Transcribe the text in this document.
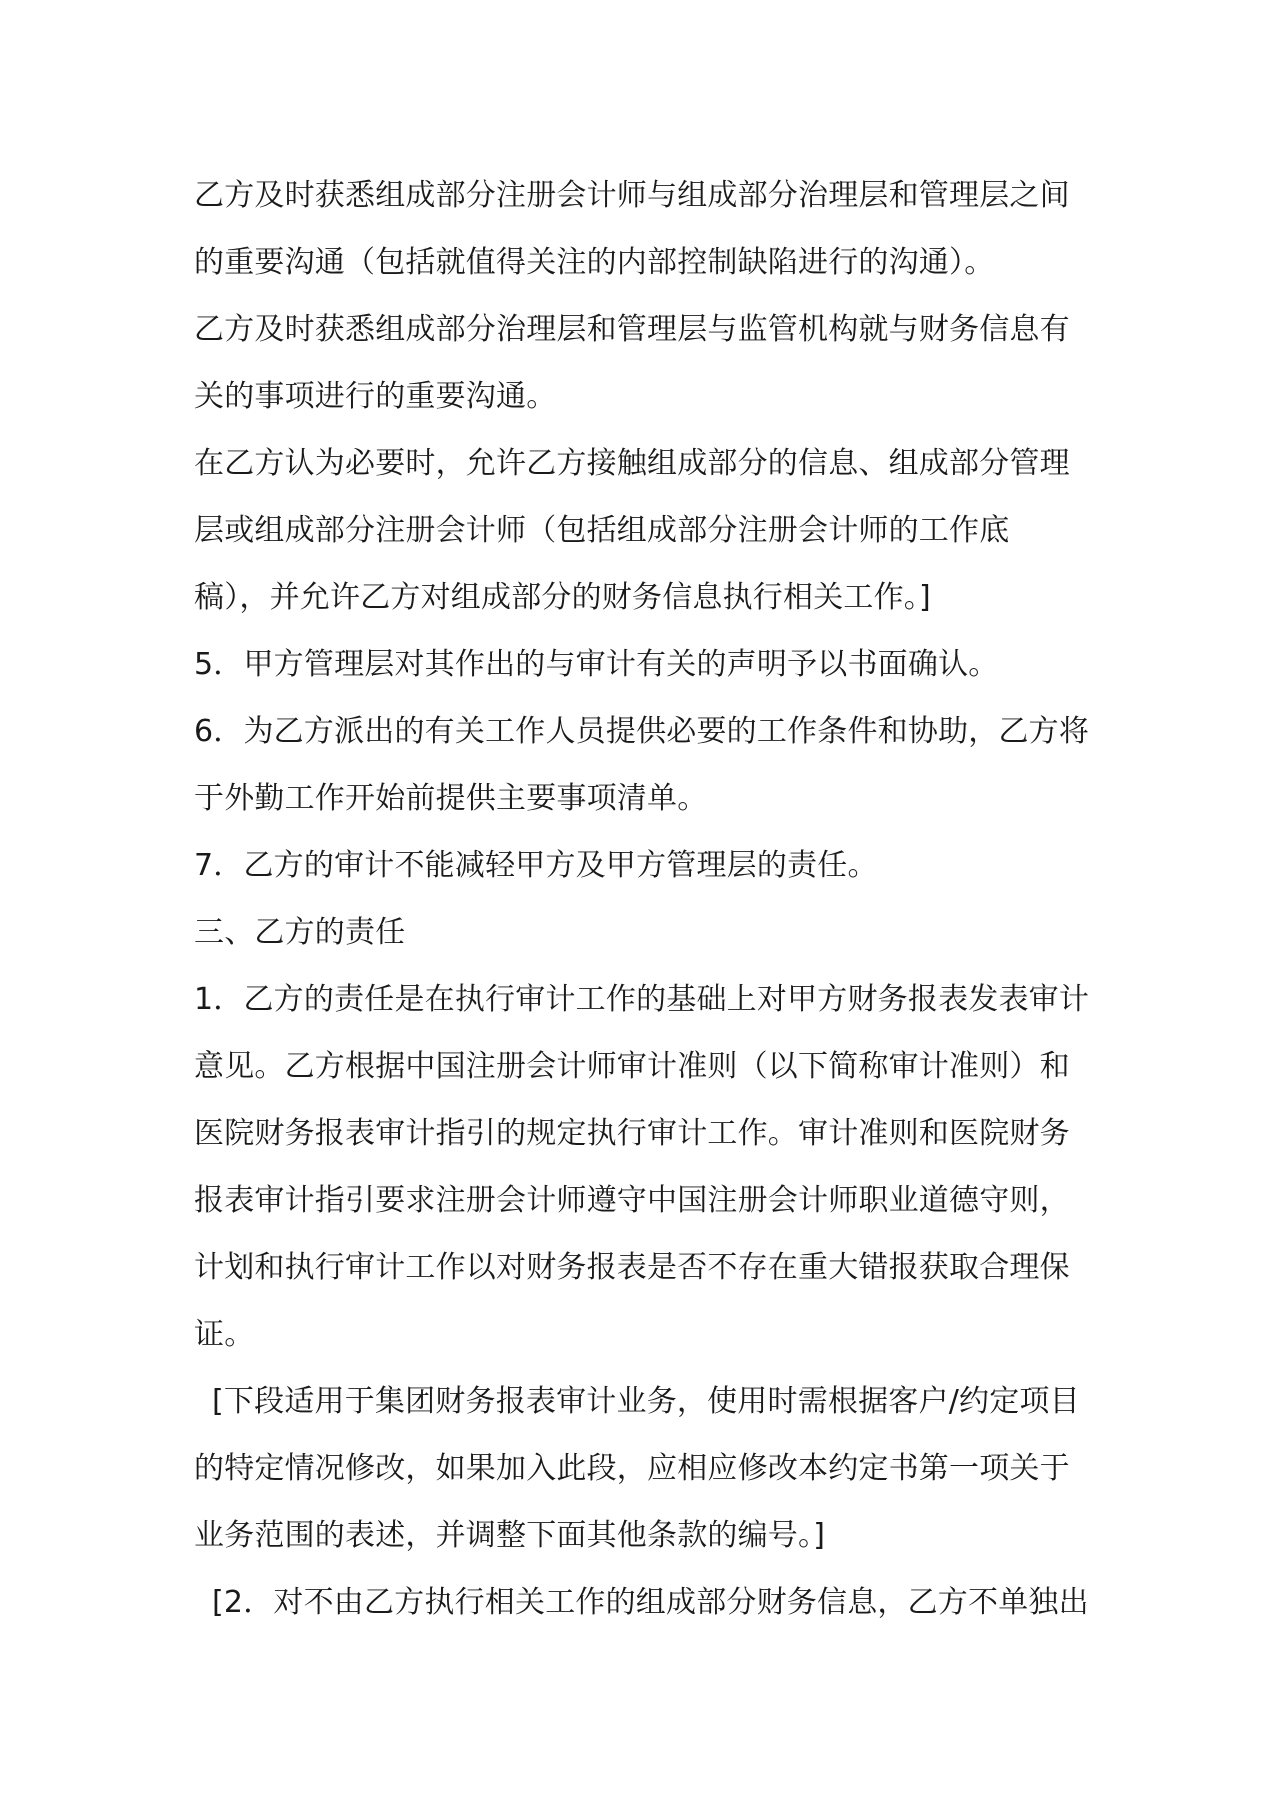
乙方及时获悉组成部分注册会计师与组成部分治理层和管理层之间
的重要沟通（包括就值得关注的内部控制缺陷进行的沟通）。
乙方及时获悉组成部分治理层和管理层与监管机构就与财务信息有
关的事项进行的重要沟通。
在乙方认为必要时，允许乙方接触组成部分的信息、组成部分管理
层或组成部分注册会计师（包括组成部分注册会计师的工作底
稿），并允许乙方对组成部分的财务信息执行相关工作。]
5．甲方管理层对其作出的与审计有关的声明予以书面确认。
6．为乙方派出的有关工作人员提供必要的工作条件和协助，乙方将
于外勤工作开始前提供主要事项清单。
7．乙方的审计不能减轻甲方及甲方管理层的责任。
三、乙方的责任
1．乙方的责任是在执行审计工作的基础上对甲方财务报表发表审计
意见。乙方根据中国注册会计师审计准则（以下简称审计准则）和
医院财务报表审计指引的规定执行审计工作。审计准则和医院财务
报表审计指引要求注册会计师遵守中国注册会计师职业道德守则，
计划和执行审计工作以对财务报表是否不存在重大错报获取合理保
证。
[下段适用于集团财务报表审计业务，使用时需根据客户/约定项目
的特定情况修改，如果加入此段，应相应修改本约定书第一项关于
业务范围的表述，并调整下面其他条款的编号。]
[2．对不由乙方执行相关工作的组成部分财务信息，乙方不单独出
